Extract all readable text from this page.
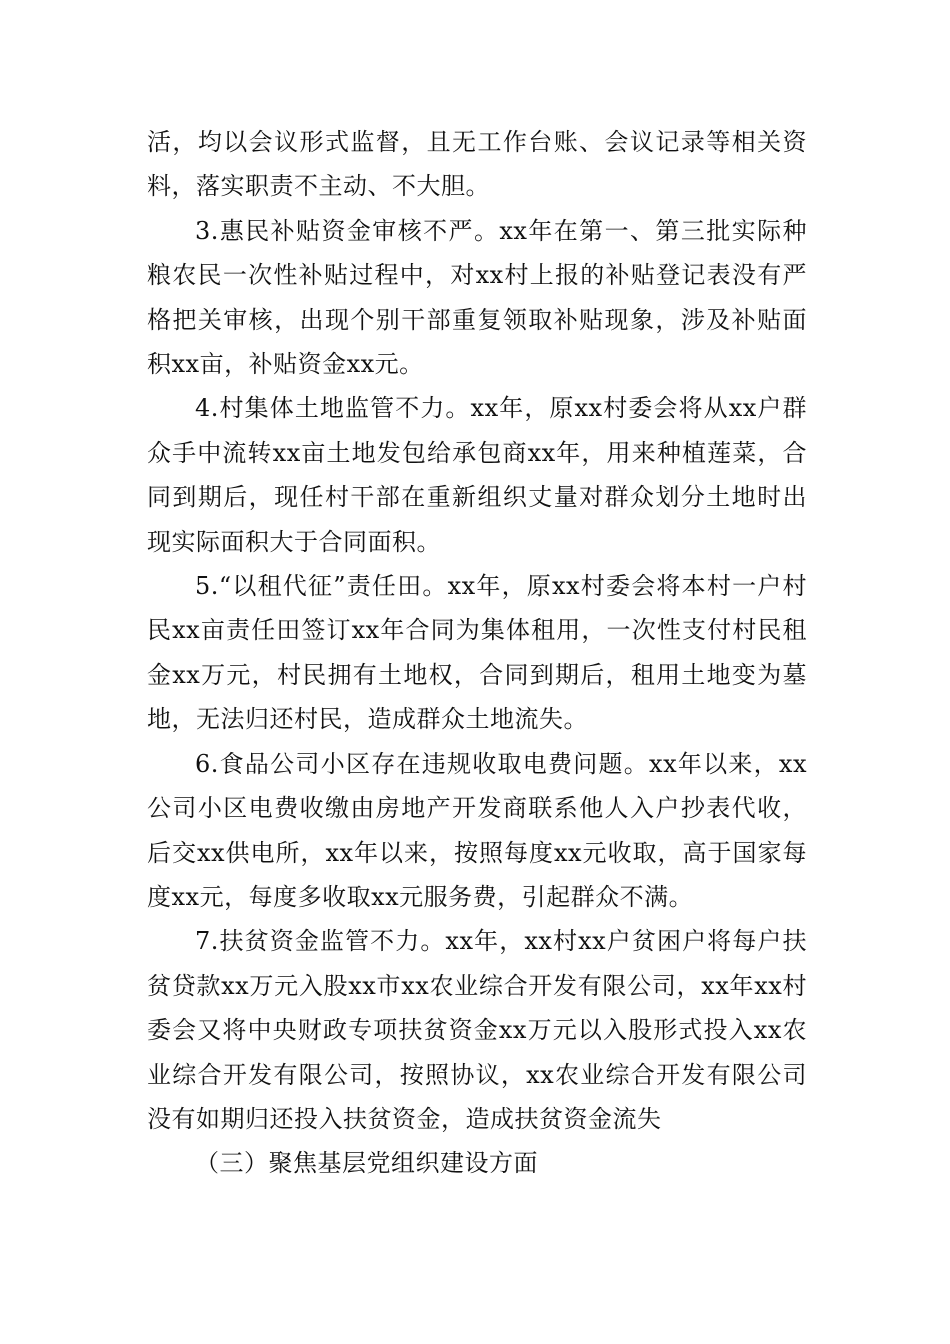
活，均以会议形式监督，且无工作台账、会议记录等相关资料，落实职责不主动、不大胆。

3.惠民补贴资金审核不严。xx年在第一、第三批实际种粮农民一次性补贴过程中，对xx村上报的补贴登记表没有严格把关审核，出现个别干部重复领取补贴现象，涉及补贴面积xx亩，补贴资金xx元。

4.村集体土地监管不力。xx年，原xx村委会将从xx户群众手中流转xx亩土地发包给承包商xx年，用来种植莲菜，合同到期后，现任村干部在重新组织丈量对群众划分土地时出现实际面积大于合同面积。

5.“以租代征”责任田。xx年，原xx村委会将本村一户村民xx亩责任田签订xx年合同为集体租用，一次性支付村民租金xx万元，村民拥有土地权，合同到期后，租用土地变为墓地，无法归还村民，造成群众土地流失。

6.食品公司小区存在违规收取电费问题。xx年以来，xx公司小区电费收缴由房地产开发商联系他人入户抄表代收，后交xx供电所，xx年以来，按照每度xx元收取，高于国家每度xx元，每度多收取xx元服务费，引起群众不满。

7.扶贫资金监管不力。xx年，xx村xx户贫困户将每户扶贫贷款xx万元入股xx市xx农业综合开发有限公司，xx年xx村委会又将中央财政专项扶贫资金xx万元以入股形式投入xx农业综合开发有限公司，按照协议，xx农业综合开发有限公司没有如期归还投入扶贫资金，造成扶贫资金流失

（三）聚焦基层党组织建设方面
